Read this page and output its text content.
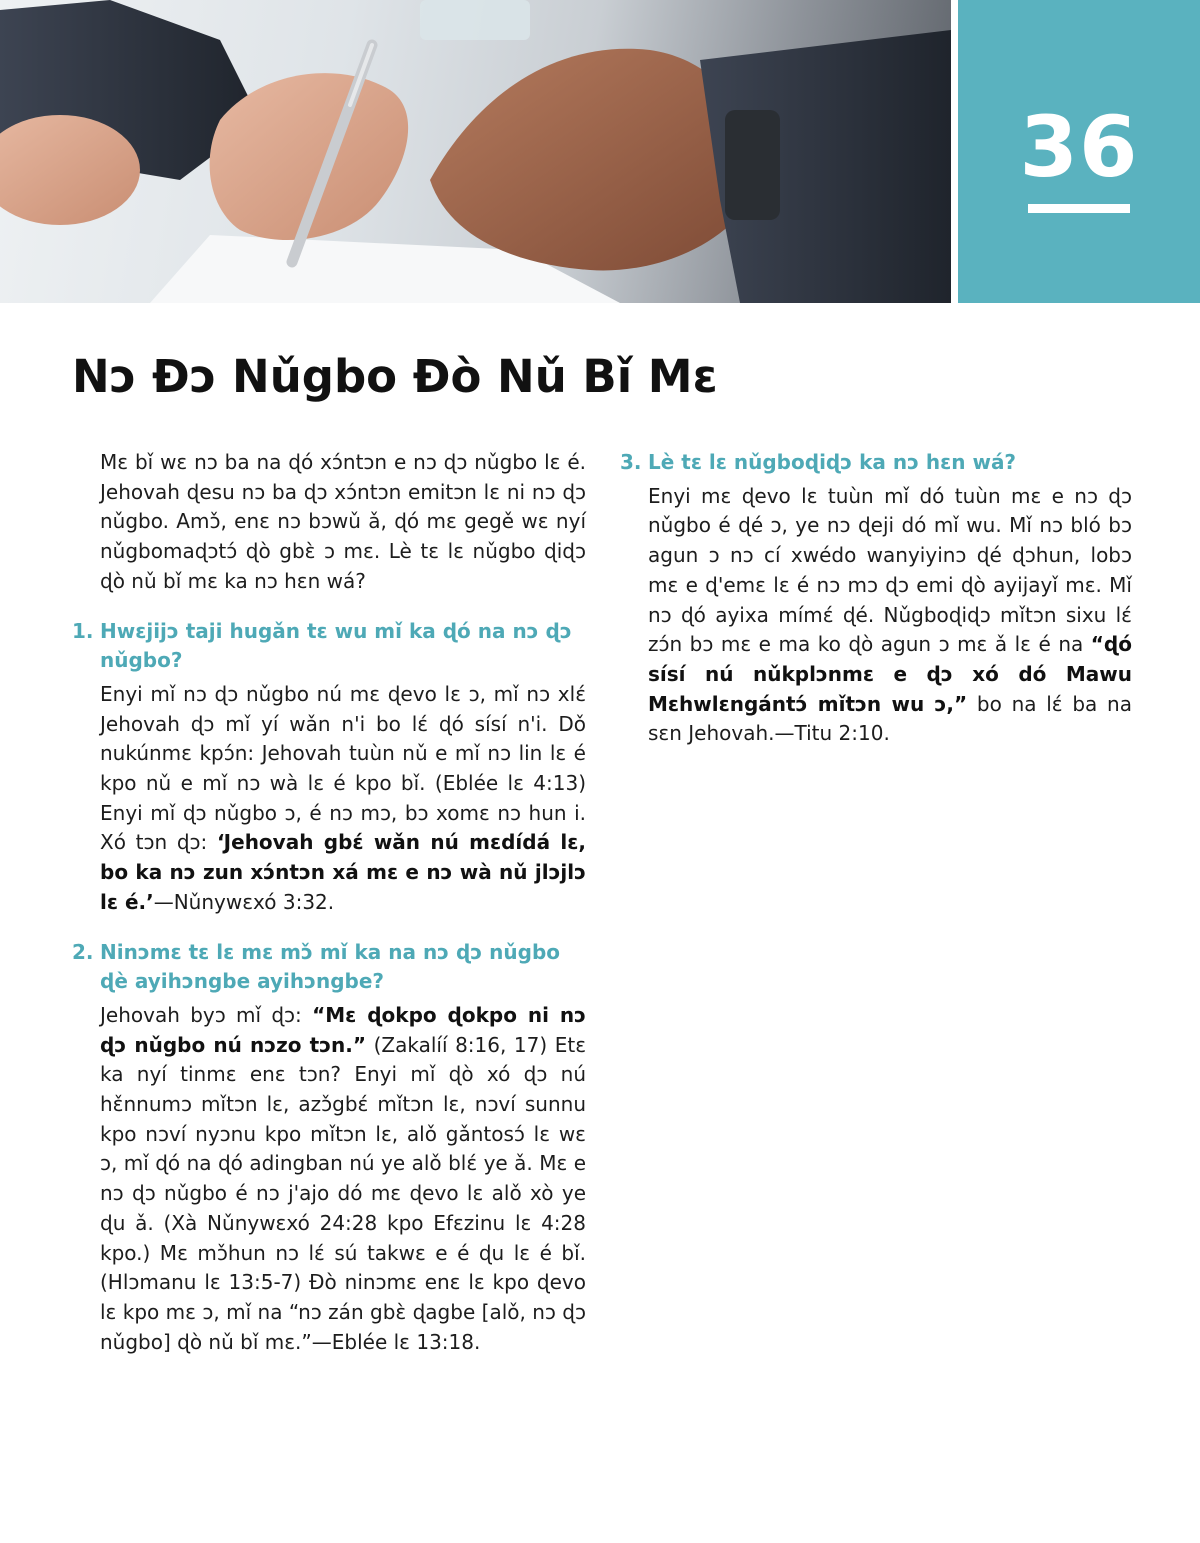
36
Nɔ Ɖɔ Nǔgbo Ðò Nǔ Bǐ Mɛ

Mɛ bǐ wɛ nɔ ba na ɖó xɔ́ntɔn e nɔ ɖɔ nǔgbo lɛ é. Jehovah ɖesu nɔ ba ɖɔ xɔ́ntɔn emitɔn lɛ ni nɔ ɖɔ nǔgbo. Amɔ̌, enɛ nɔ bɔwǔ ǎ, ɖó mɛ gegě wɛ nyí nǔgbomaɖɔtɔ́ ɖò gbɛ̀ ɔ mɛ. Lè tɛ lɛ nǔgbo ɖiɖɔ ɖò nǔ bǐ mɛ ka nɔ hɛn wá?

1. Hwɛjijɔ taji hugǎn tɛ wu mǐ ka ɖó na nɔ ɖɔ nǔgbo?

Enyi mǐ nɔ ɖɔ nǔgbo nú mɛ ɖevo lɛ ɔ, mǐ nɔ xlɛ́ Jehovah ɖɔ mǐ yí wǎn n'i bo lɛ́ ɖó sísí n'i. Dǒ nukúnmɛ kpɔ́n: Jehovah tuùn nǔ e mǐ nɔ lin lɛ é kpo nǔ e mǐ nɔ wà lɛ é kpo bǐ. (Eblée lɛ 4:13) Enyi mǐ ɖɔ nǔgbo ɔ, é nɔ mɔ, bɔ xomɛ nɔ hun i. Xó tɔn ɖɔ: ‘Jehovah gbɛ́ wǎn nú mɛdídá lɛ, bo ka nɔ zun xɔ́ntɔn xá mɛ e nɔ wà nǔ jlɔjlɔ lɛ é.’—Nǔnywɛxó 3:32.

2. Ninɔmɛ tɛ lɛ mɛ mɔ̌ mǐ ka na nɔ ɖɔ nǔgbo ɖè ayihɔngbe ayihɔngbe?

Jehovah byɔ mǐ ɖɔ: “Mɛ ɖokpo ɖokpo ni nɔ ɖɔ nǔgbo nú nɔzo tɔn.” (Zakalíí 8:16, 17) Etɛ ka nyí tinmɛ enɛ tɔn? Enyi mǐ ɖò xó ɖɔ nú hɛ̌nnumɔ mǐtɔn lɛ, azɔ̌gbɛ́ mǐtɔn lɛ, nɔví sunnu kpo nɔví nyɔnu kpo mǐtɔn lɛ, alǒ gǎntosɔ́ lɛ wɛ ɔ, mǐ ɖó na ɖó adingban nú ye alǒ blɛ́ ye ǎ. Mɛ e nɔ ɖɔ nǔgbo é nɔ j'ajo dó mɛ ɖevo lɛ alǒ xò ye ɖu ǎ. (Xà Nǔnywɛxó 24:28 kpo Efɛzinu lɛ 4:28 kpo.) Mɛ mɔ̌hun nɔ lɛ́ sú takwɛ e é ɖu lɛ é bǐ. (Hlɔmanu lɛ 13:5-7) Ðò ninɔmɛ enɛ lɛ kpo ɖevo lɛ kpo mɛ ɔ, mǐ na “nɔ zán gbɛ̀ ɖagbe [alǒ, nɔ ɖɔ nǔgbo] ɖò nǔ bǐ mɛ.”—Eblée lɛ 13:18.

3. Lè tɛ lɛ nǔgboɖiɖɔ ka nɔ hɛn wá?

Enyi mɛ ɖevo lɛ tuùn mǐ dó tuùn mɛ e nɔ ɖɔ nǔgbo é ɖé ɔ, ye nɔ ɖeji dó mǐ wu. Mǐ nɔ bló bɔ agun ɔ nɔ cí xwédo wanyiyinɔ ɖé ɖɔhun, lobɔ mɛ e ɖ'emɛ lɛ é nɔ mɔ ɖɔ emi ɖò ayijayǐ mɛ. Mǐ nɔ ɖó ayixa mímɛ́ ɖé. Nǔgboɖiɖɔ mǐtɔn sixu lɛ́ zɔ́n bɔ mɛ e ma ko ɖò agun ɔ mɛ ǎ lɛ é na “ɖó sísí nú nǔkplɔnmɛ e ɖɔ xó dó Mawu Mɛhwlɛngántɔ́ mǐtɔn wu ɔ,” bo na lɛ́ ba na sɛn Jehovah.—Titu 2:10.
